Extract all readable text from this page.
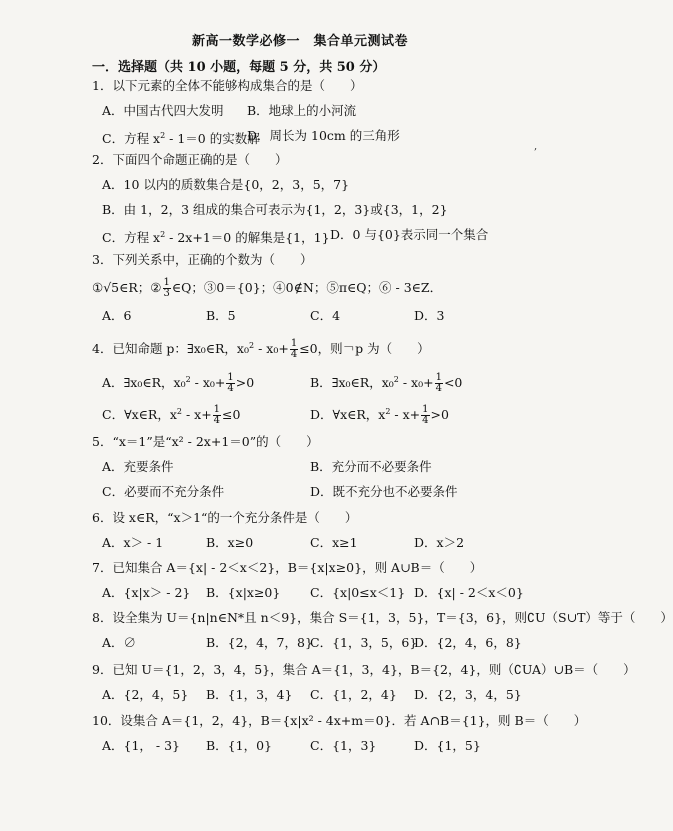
新高一数学必修一　集合单元测试卷
一．选择题（共 10 小题，每题 5 分，共 50 分）
1．以下元素的全体不能够构成集合的是（　　）
A．中国古代四大发明 B．地球上的小河流
C．方程 $x^2 - 1=0$ 的实数解
D．周长为 10cm 的三角形
,
2．下面四个命题正确的是（　　）
A．10 以内的质数集合是{0，2，3，5，7}
B．由 1，2，3 组成的集合可表示为{1，2，3}或{3，1，2}
C．方程 $x^2 - 2x+1=0$ 的解集是{1，1} D．0 与{0}表示同一个集合
3．下列关系中，正确的个数为（　　）
①√5∈R；② $\frac{1}{3}$ ∈Q；③0＝{0}；④0∉N；⑤π∈Q；⑥ - 3∈Z．
A．6	B．5	C．4	D．3
4．已知命题 p：∃x₀∈R，$x_0^2 - x_0+ \frac{1}{4} \le 0$，则￢p 为（　　）
A．∃x₀∈R，$x_0^2 - x_0+ \frac{1}{4} >0$	B．∃x₀∈R，$x_0^2 - x_0+ \frac{1}{4} <0$
C．∀x∈R，$x^2 - x+ \frac{1}{4} \le 0$	D．∀x∈R，$x^2 - x+ \frac{1}{4} >0$
5．“x＝1”是“x² - 2x+1＝0”的（　　）
A．充要条件	B．充分而不必要条件
C．必要而不充分条件	D．既不充分也不必要条件
6．设 x∈R，“x＞1“的一个充分条件是（　　）
A．x＞ - 1	B．x≥0	C．x≥1	D．x＞2
7．已知集合 A＝{x| - 2＜x＜2}，B＝{x|x≥0}，则 A∪B＝（　　）
A．{x|x＞ - 2} B．{x|x≥0} C．{x|0≤x＜1} D．{x| - 2＜x＜0}
8．设全集为 U＝{n|n∈N*且 n＜9}，集合 S＝{1，3，5}，T＝{3，6}，则∁U（S∪T）等于（　　）
A．∅	B．{2，4，7，8}
C．{1，3，5，6}
D．{2，4，6，8}
9．已知 U＝{1，2，3，4，5}，集合 A＝{1，3，4}，B＝{2，4}，则（∁UA）∪B＝（　　）
A．{2，4，5} B．{1，3，4} C．{1，2，4} D．{2，3，4，5}
10．设集合 A＝{1，2，4}，B＝{x|x² - 4x+m＝0}．若 A∩B＝{1}，则 B＝（　　）
A．{1， - 3} B．{1，0}	C．{1，3}	D．{1，5}
